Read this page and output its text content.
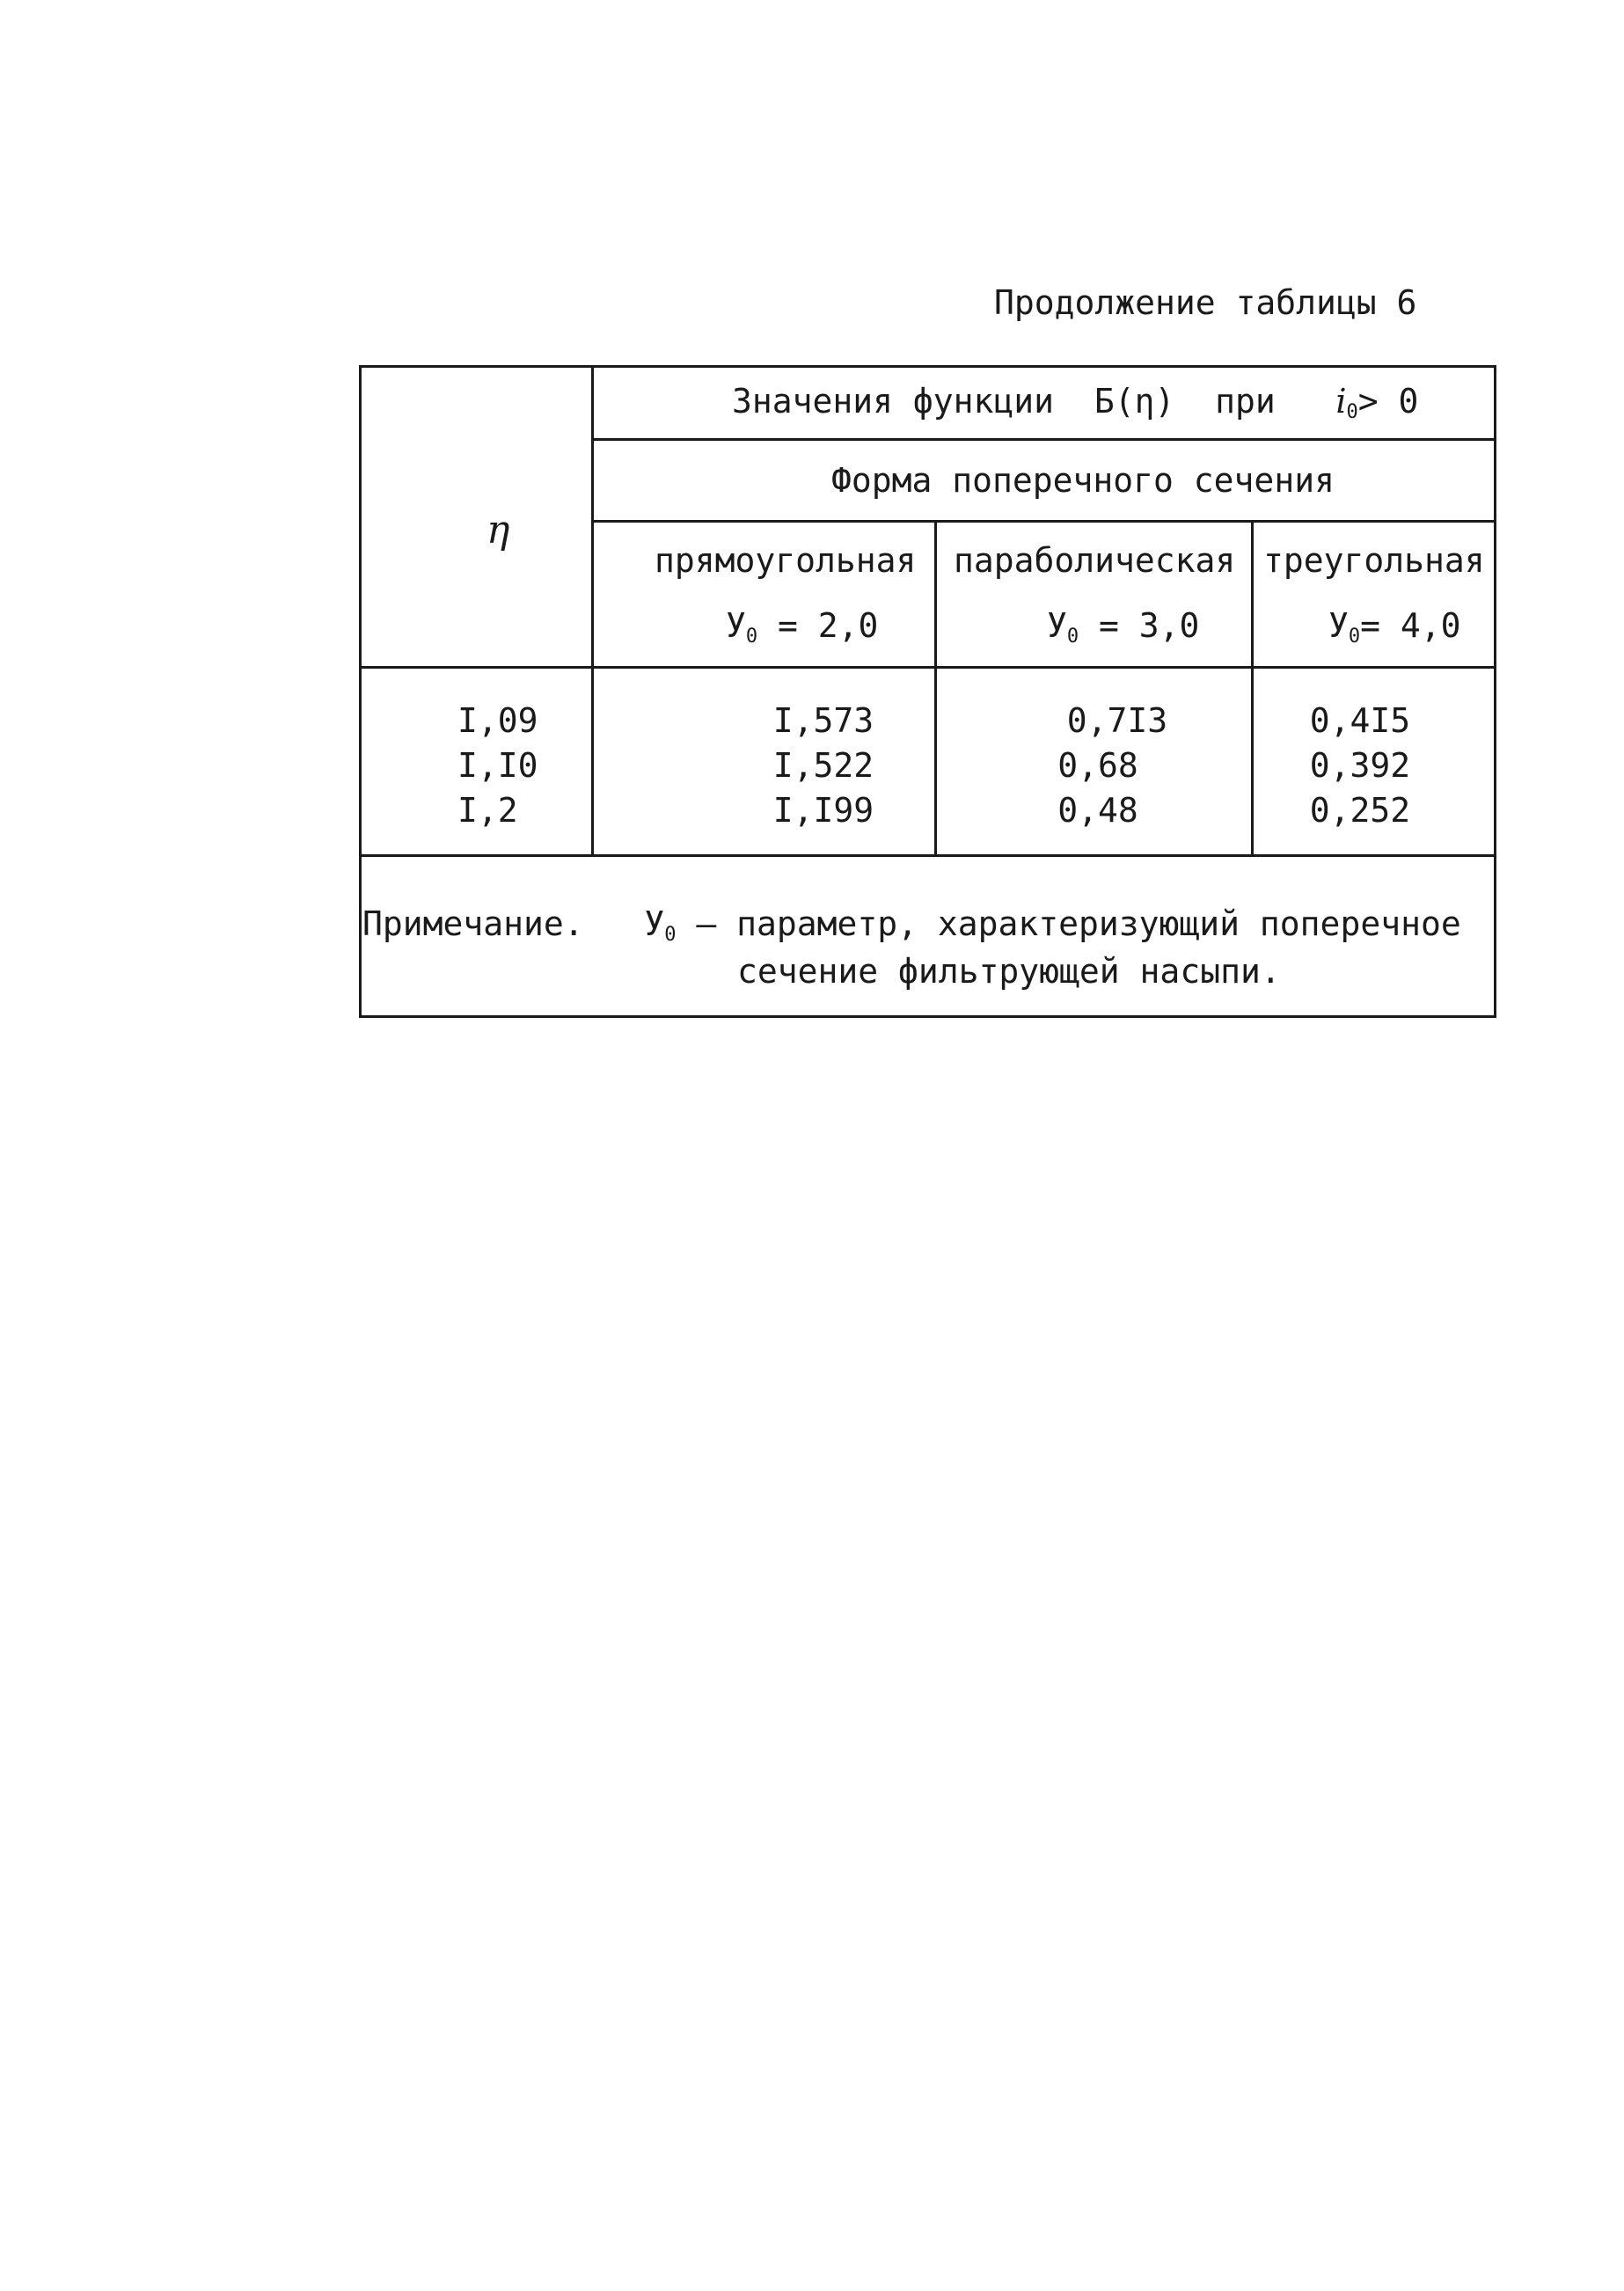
Продолжение таблицы 6
η
Значения функции Б(η) при $i_0> 0$
Форма поперечного сечения
прямоугольная параболическая треугольная
$У_0 = 2,0$	$У_0 = 3,0$	$У_0= 4,0$
I,09	I,573	0,7I3	0,4I5
I,I0	I,522	0,68	0,392
I,2	I,I99	0,48	0,252
Примечание. $У_0$ – параметр, характеризующий поперечное
сечение фильтрующей насыпи.
